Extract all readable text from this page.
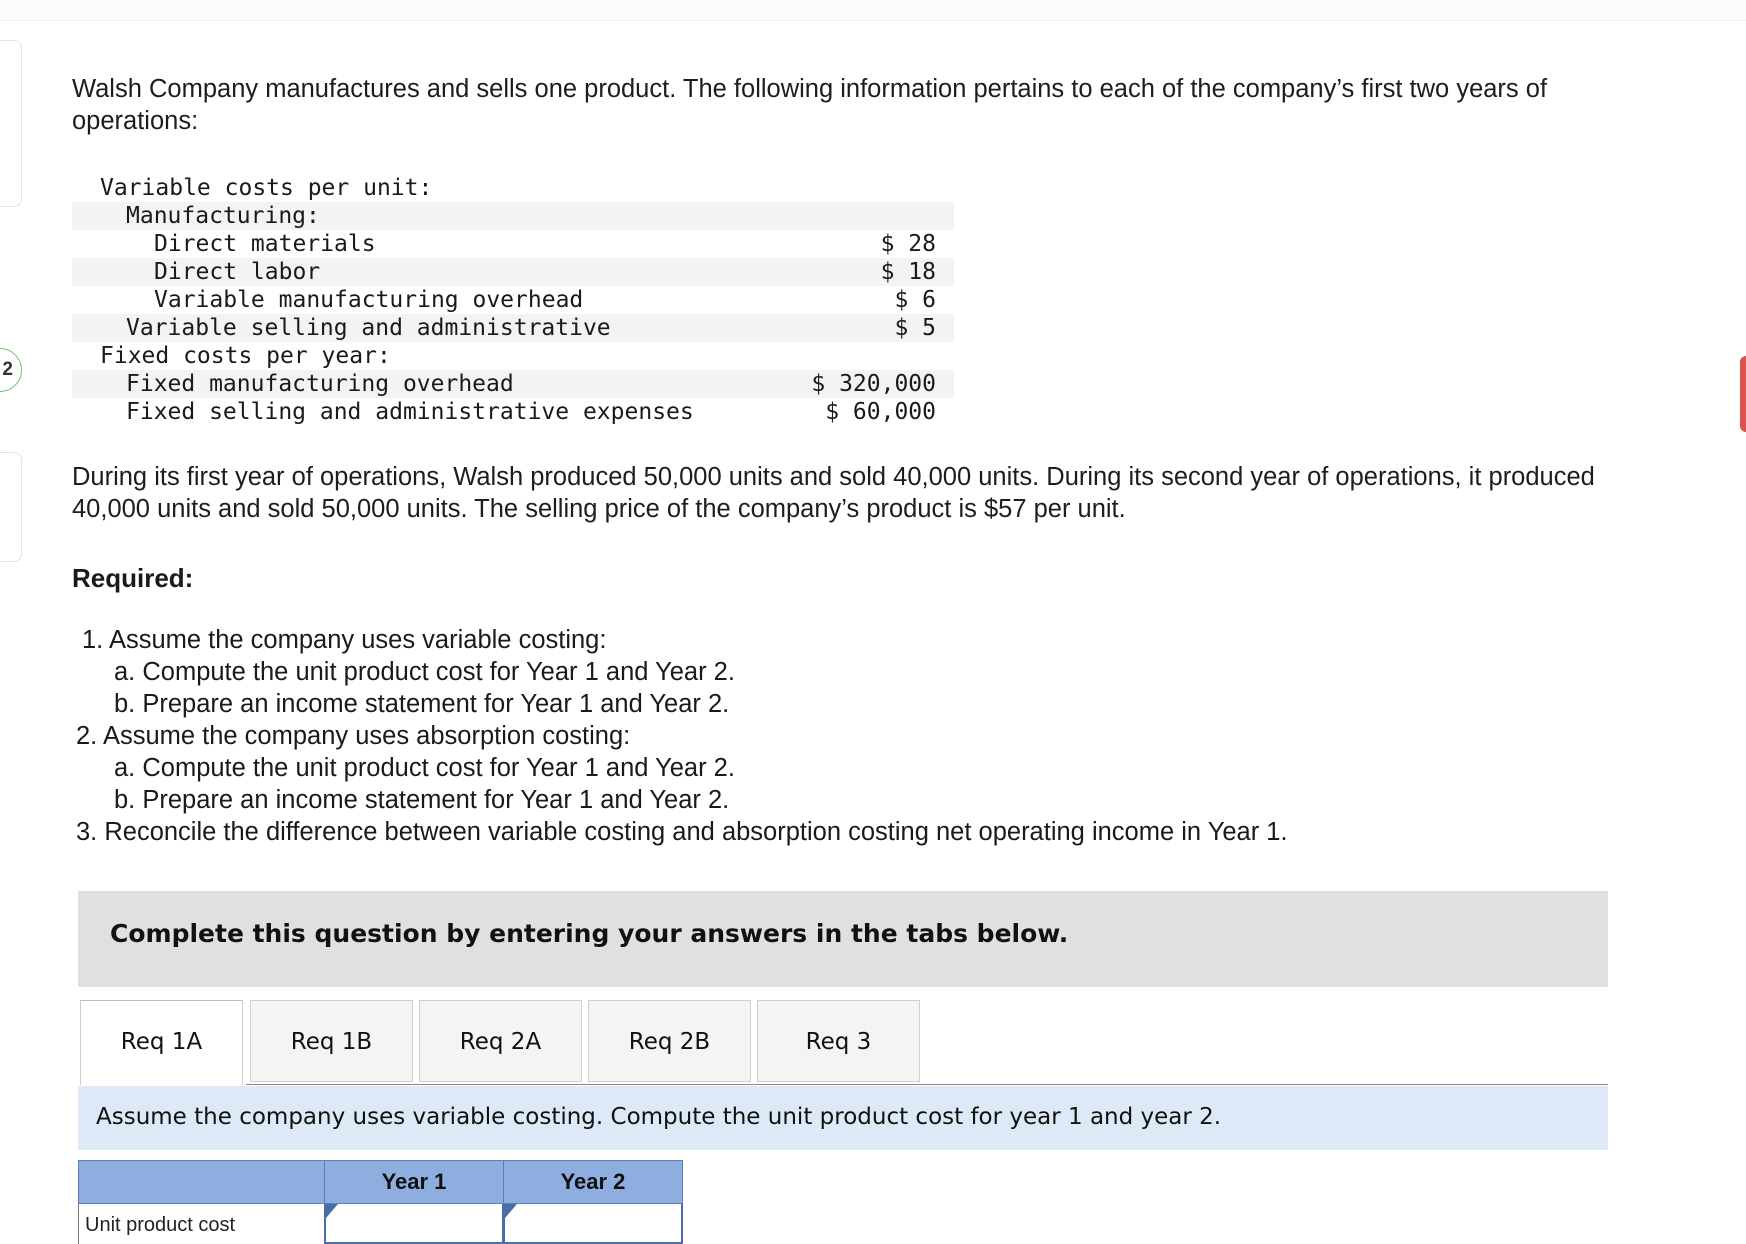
2
Walsh Company manufactures and sells one product. The following information pertains to each of the company’s first two years of operations:
Variable costs per unit:
Manufacturing:
Direct materials	$ 28
Direct labor	$ 18
Variable manufacturing overhead	$ 6
Variable selling and administrative	$ 5
Fixed costs per year:
Fixed manufacturing overhead	$ 320,000
Fixed selling and administrative expenses	$ 60,000
During its first year of operations, Walsh produced 50,000 units and sold 40,000 units. During its second year of operations, it produced 40,000 units and sold 50,000 units. The selling price of the company’s product is $57 per unit.
Required:
1. Assume the company uses variable costing:
a. Compute the unit product cost for Year 1 and Year 2.
b. Prepare an income statement for Year 1 and Year 2.
2. Assume the company uses absorption costing:
a. Compute the unit product cost for Year 1 and Year 2.
b. Prepare an income statement for Year 1 and Year 2.
3. Reconcile the difference between variable costing and absorption costing net operating income in Year 1.
Complete this question by entering your answers in the tabs below.
Req 1A	Req 1B	Req 2A	Req 2B	Req 3
Assume the company uses variable costing. Compute the unit product cost for year 1 and year 2.
Year 1	Year 2
Unit product cost
